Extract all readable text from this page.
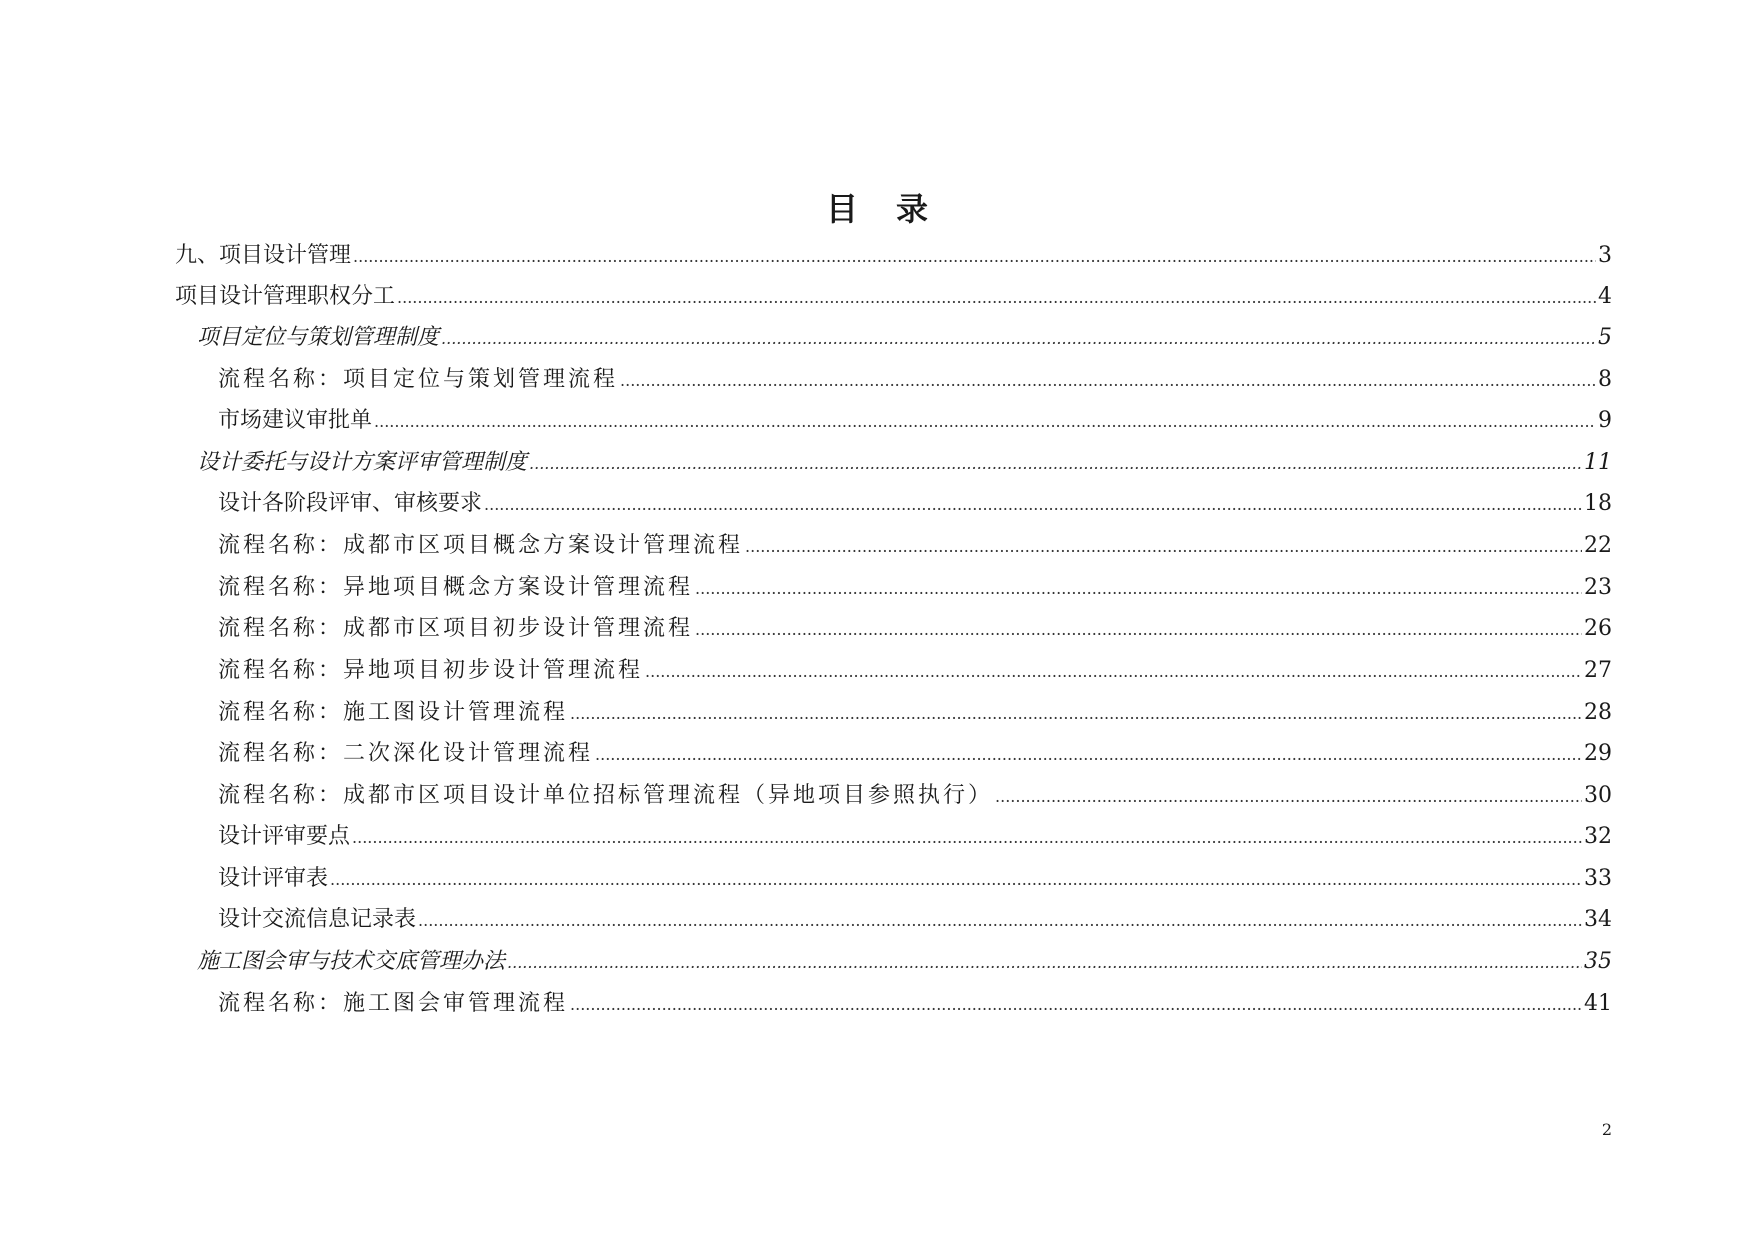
目录
九、项目设计管理 .....	3
项目设计管理职权分工 .....	4
项目定位与策划管理制度 .....	5
流程名称：项目定位与策划管理流程 .....	8
市场建议审批单 .....	9
设计委托与设计方案评审管理制度 .....	11
设计各阶段评审、审核要求 .....	18
流程名称：成都市区项目概念方案设计管理流程 .....	22
流程名称：异地项目概念方案设计管理流程 .....	23
流程名称：成都市区项目初步设计管理流程 .....	26
流程名称：异地项目初步设计管理流程 .....	27
流程名称：施工图设计管理流程 .....	28
流程名称：二次深化设计管理流程 .....	29
流程名称：成都市区项目设计单位招标管理流程（异地项目参照执行） .....	30
设计评审要点 .....	32
设计评审表 .....	33
设计交流信息记录表 .....	34
施工图会审与技术交底管理办法 .....	35
流程名称：施工图会审管理流程 .....	41
2
